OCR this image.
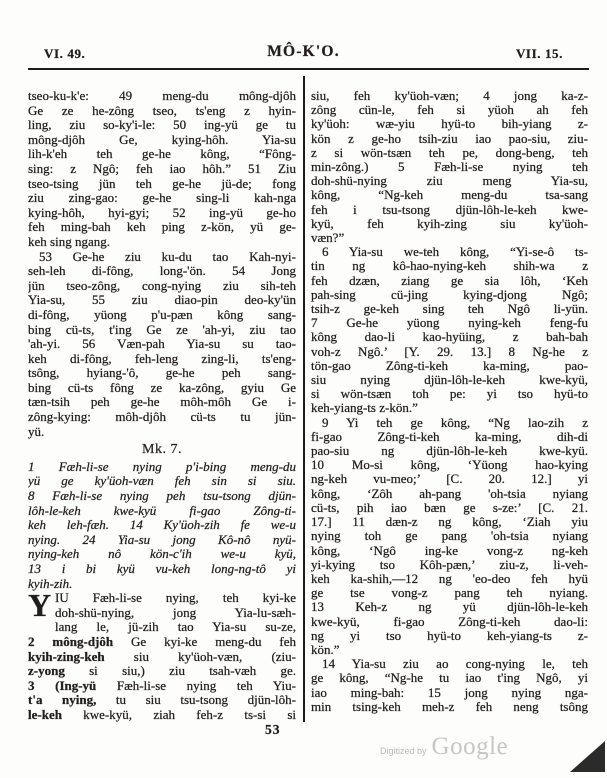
VI. 49.	MÔ-K'O.	VII. 15.
tseo-ku-k'e: 49 meng-du mông-djôh
Ge ze he-zông tseo, ts'eng z hyin-
ling, ziu so-ky'i-le: 50 ing-yü ge tu
mông-djôh Ge, kying-hôh. Yia-su
lih-k'eh teh ge-he kông, “Fông-
sing: z Ngô; feh iao hôh.” 51 Ziu
tseo-tsing jün teh ge-he jü-de; fong
ziu zing-gao: ge-he sing-li kah-nga
kying-hôh, hyi-gyi; 52 ing-yü ge-ho
feh ming-bah keh ping z-kön, yü ge-
keh sing ngang.
53 Ge-he ziu ku-du tao Kah-nyi-
seh-leh di-fông, long-'ön. 54 Jong
jün tseo-zông, cong-nying ziu sih-teh
Yia-su, 55 ziu diao-pin deo-ky'ün
di-fông, yüong p'u-pæn kông sang-
bing cü-ts, t'ing Ge ze 'ah-yi, ziu tao
'ah-yi. 56 Væn-pah Yia-su su tao-
keh di-fông, feh-leng zing-li, ts'eng-
tsông, hyiang-'ô, ge-he peh sang-
bing cü-ts fông ze ka-zông, gyiu Ge
tæn-tsih peh ge-he môh-môh Ge i-
zông-kying: môh-djôh cü-ts tu jün-
yü.
Mk. 7.
1 Fæh-li-se nying p'i-bing meng-du
yü ge ky'üoh-væn feh sin si siu.
8 Fæh-li-se nying peh tsu-tsong djün-
lôh-le-keh kwe-kyü fi-gao Zông-ti-
keh leh-fæh. 14 Ky'üoh-zih fe we-u
nying. 24 Yia-su jong Kô-nô nyü-
nying-keh nô kön-c'ih we-u kyü,
13 i bi kyü vu-keh long-ng-tô yi
kyih-zih.
Y IU Fæh-li-se nying, teh kyi-ke
doh-shü-nying, jong Yia-lu-sæh-
lang le, jü-zih tao Yia-su su-ze,
2 mông-djôh Ge kyi-ke meng-du feh
kyih-zing-keh siu ky'üoh-væn, (ziu-
z-yong si siu,) ziu tsah-væh ge.
3 (Ing-yü Fæh-li-se nying teh Yiu-
t'a nying, tu siu tsu-tsong djün-lôh-
le-keh kwe-kyü, ziah feh-z ts-si si
siu, feh ky'üoh-væn; 4 jong ka-z-
zông cün-le, feh si yüoh ah feh
ky'üoh: wæ-yiu hyü-to bih-yiang z-
kön z ge-ho tsih-ziu iao pao-siu, ziu-
z si wön-tsæn teh pe, dong-beng, teh
min-zông.) 5 Fæh-li-se nying teh
doh-shü-nying ziu meng Yia-su,
kông, “Ng-keh meng-du tsa-sang
feh i tsu-tsong djün-lôh-le-keh kwe-
kyü, feh kyih-zing siu ky'üoh-
væn?”
6 Yia-su we-teh kông, “Yi-se-ô ts-
tin ng kô-hao-nying-keh shih-wa z
feh dzæn, ziang ge sia lôh, ‘Keh
pah-sing cü-jing kying-djong Ngô;
tsih-z ge-keh sing teh Ngô li-yün.
7 Ge-he yüong nying-keh feng-fu
kông dao-li kao-hyüing, z bah-bah
voh-z Ngô.’ [Y. 29. 13.] 8 Ng-he z
tön-gao Zông-ti-keh ka-ming, pao-
siu nying djün-lôh-le-keh kwe-kyü,
si wön-tsæn toh pe: yi tso hyü-to
keh-yiang-ts z-kön.”
9 Yi teh ge kông, “Ng lao-zih z
fi-gao Zông-ti-keh ka-ming, dih-di
pao-siu ng djün-lôh-le-keh kwe-kyü.
10 Mo-si kông, ‘Yüong hao-kying
ng-keh vu-meo;’ [C. 20. 12.] yi
kông, ‘Zôh ah-pang 'oh-tsia nyiang
cü-ts, pih iao bæn ge s-ze:’ [C. 21.
17.] 11 dæn-z ng kông, ‘Ziah yiu
nying toh ge pang 'oh-tsia nyiang
kông, ‘Ngô ing-ke vong-z ng-keh
yi-kying tso Kôh-pæn,’ ziu-z, li-veh-
keh ka-shih,—12 ng 'eo-deo feh hyü
ge tse vong-z pang teh nyiang.
13 Keh-z ng yü djün-lôh-le-keh
kwe-kyü, fi-gao Zông-ti-keh dao-li:
ng yi tso hyü-to keh-yiang-ts z-
kön.”
14 Yia-su ziu ao cong-nying le, teh
ge kông, “Ng-he tu iao t'ing Ngô, yi
iao ming-bah: 15 jong nying nga-
min tsing-keh meh-z feh neng tsông
53
Digitized by Google
